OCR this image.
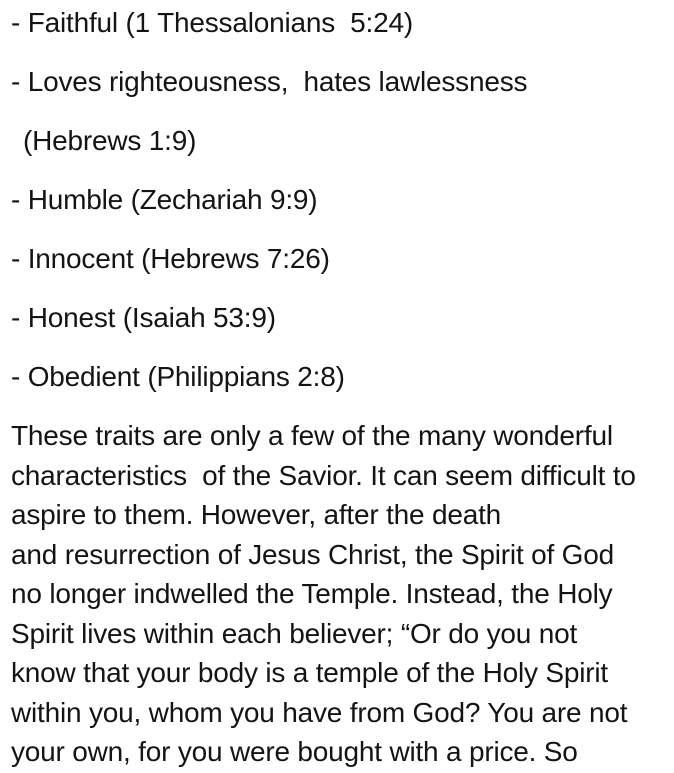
- Faithful (1 Thessalonians  5:24)
- Loves righteousness,  hates lawlessness
(Hebrews 1:9)
- Humble (Zechariah 9:9)
- Innocent (Hebrews 7:26)
- Honest (Isaiah 53:9)
- Obedient (Philippians 2:8)
These traits are only a few of the many wonderful
characteristics  of the Savior. It can seem difficult to
aspire to them. However, after the death
and resurrection of Jesus Christ, the Spirit of God
no longer indwelled the Temple. Instead, the Holy
Spirit lives within each believer; “Or do you not
know that your body is a temple of the Holy Spirit
within you, whom you have from God? You are not
your own, for you were bought with a price. So
